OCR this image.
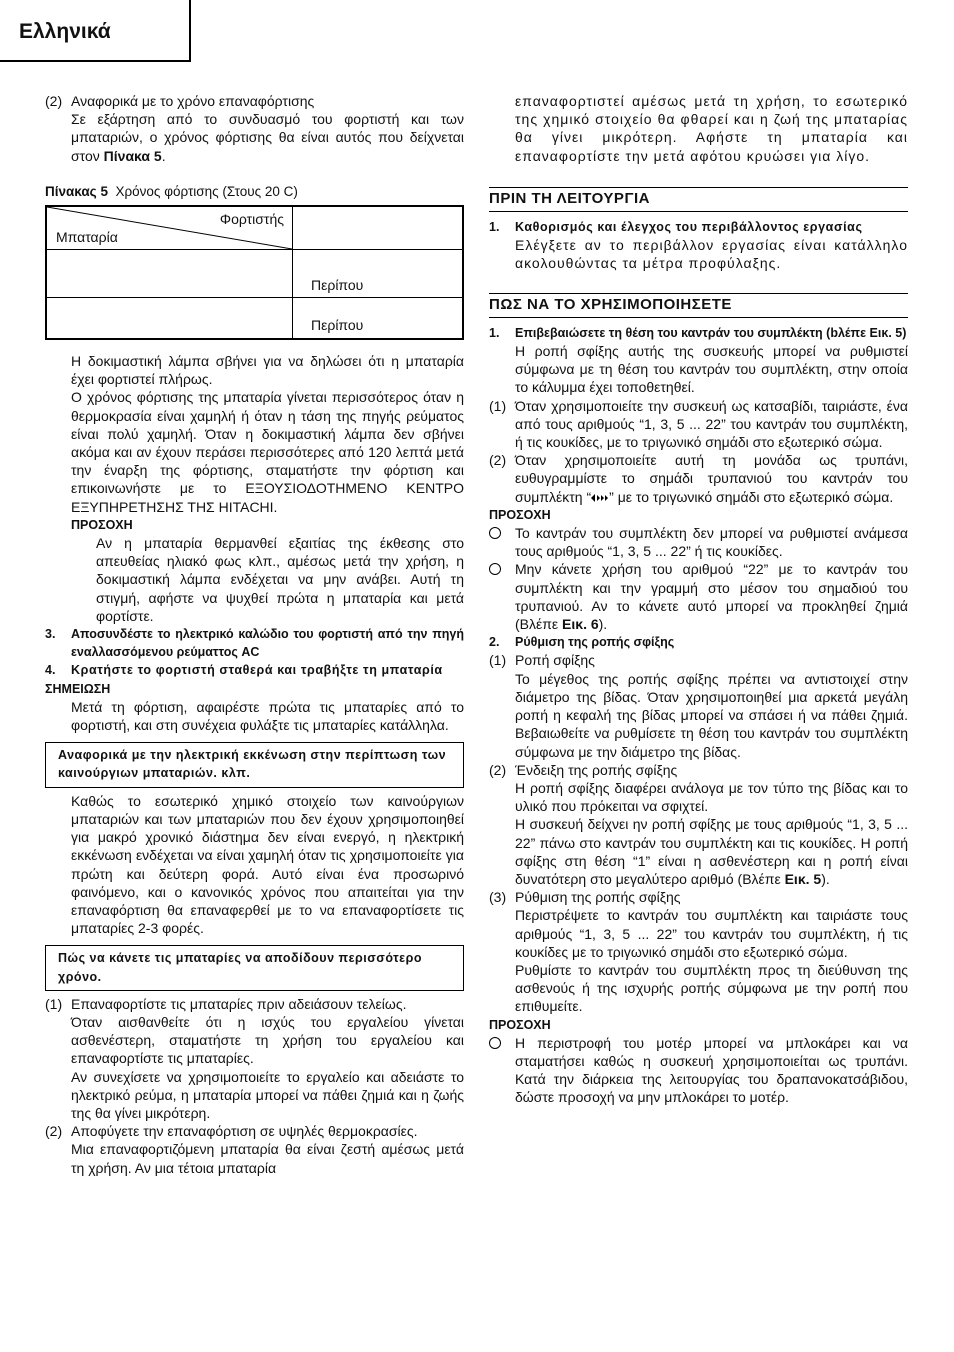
Ελληνικά
(2) Αναφορικά με το χρόνο επαναφόρτισης

Σε εξάρτηση από το συνδυασμό του φορτιστή και των μπαταριών, ο χρόνος φόρτισης θα είναι αυτός που δείχνεται στον Πίνακα 5.

Πίνακας 5 Χρόνος φόρτισης (Στους 20 C)

Φορτιστής
Μπαταρία	

	Περίπου
	Περίπου

Η δοκιμαστική λάμπα σβήνει για να δηλώσει ότι η μπαταρία έχει φορτιστεί πλήρως.

Ο χρόνος φόρτισης της μπαταρία γίνεται περισσότερος όταν η θερμοκρασία είναι χαμηλή ή όταν η τάση της πηγής ρεύματος είναι πολύ χαμηλή. Όταν η δοκιμαστική λάμπα δεν σβήνει ακόμα και αν έχουν περάσει περισσότερες από 120 λεπτά μετά την έναρξη της φόρτισης, σταματήστε την φόρτιση και επικοινωνήστε με το ΕΞΟΥΣΙΟΔΟΤΗΜΕΝΟ ΚΕΝΤΡΟ ΕΞΥΠΗΡΕΤΗΣΗΣ ΤΗΣ HITACHI.

ΠΡΟΣΟΧΗ

Αν η μπαταρία θερμανθεί εξαιτίας της έκθεσης στο απευθείας ηλιακό φως κλπ., αμέσως μετά την χρήση, η δοκιμαστική λάμπα ενδέχεται να μην ανάβει. Αυτή τη στιγμή, αφήστε να ψυχθεί πρώτα η μπαταρία και μετά φορτίστε.

3.	Αποσυνδέστε το ηλεκτρικό καλώδιο του φορτιστή από την πηγή εναλλασσόμενου ρεύματτος AC
4.	Κρατήστε το φορτιστή σταθερά και τραβήξτε τη μπαταρία

ΣΗΜΕΙΩΣΗ

Μετά τη φόρτιση, αφαιρέστε πρώτα τις μπαταρίες από το φορτιστή, και στη συνέχεια φυλάξτε τις μπαταρίες κατάλληλα.

Αναφορικά με την ηλεκτρική εκκένωση στην περίπτωση των καινούργιων μπαταριών. κλπ.

Καθώς το εσωτερικό χημικό στοιχείο των καινούργιων μπαταριών και των μπαταριών που δεν έχουν χρησιμοποιηθεί για μακρό χρονικό διάστημα δεν είναι ενεργό, η ηλεκτρική εκκένωση ενδέχεται να είναι χαμηλή όταν τις χρησιμοποιείτε για πρώτη και δεύτερη φορά. Αυτό είναι ένα προσωρινό φαινόμενο, και ο κανονικός χρόνος που απαιτείται για την επαναφόρτιση θα επαναφερθεί με το να επαναφορτίσετε τις μπαταρίες 2-3 φορές.

Πώς να κάνετε τις μπαταρίες να αποδίδουν περισσότερο χρόνο.
(1) Επαναφορτίστε τις μπαταρίες πριν αδειάσουν τελείως.

Όταν αισθανθείτε ότι η ισχύς του εργαλείου γίνεται ασθενέστερη, σταματήστε τη χρήση του εργαλείου και επαναφορτίστε τις μπαταρίες.

Αν συνεχίσετε να χρησιμοποιείτε το εργαλείο και αδειάστε το ηλεκτρικό ρεύμα, η μπαταρία μπορεί να πάθει ζημιά και η ζωής της θα γίνει μικρότερη.

(2) Αποφύγετε την επαναφόρτιση σε υψηλές θερμοκρασίες.

Μια επαναφορτιζόμενη μπαταρία θα είναι ζεστή αμέσως μετά τη χρήση. Αν μια τέτοια μπαταρία

επαναφορτιστεί αμέσως μετά τη χρήση, το εσωτερικό της χημικό στοιχείο θα φθαρεί και η ζωή της μπαταρίας θα γίνει μικρότερη. Αφήστε τη μπαταρία και επαναφορτίστε την μετά αφότου κρυώσει για λίγο.

ΠΡΙΝ ΤΗ ΛΕΙΤΟΥΡΓΙΑ
1.	Καθορισμός και έλεγχος του περιβάλλοντος εργασίας

Ελέγξετε αν το περιβάλλον εργασίας είναι κατάλληλο ακολουθώντας τα μέτρα προφύλαξης.

ΠΩΣ ΝΑ ΤΟ ΧΡΗΣΙΜΟΠΟΙΗΣΕΤΕ
1.	Επιβεβαιώσετε τη θέση του καντράν του συμπλέκτη (bλέπε Εικ. 5)

Η ροπή σφίξης αυτής της συσκευής μπορεί να ρυθμιστεί σύμφωνα με τη θέση του καντράν του συμπλέκτη, στην οποία το κάλυμμα έχει τοποθετηθεί.

(1) Όταν χρησιμοποιείτε την συσκευή ως κατσαβίδι, ταιριάστε, ένα από τους αριθμούς “1, 3, 5 ... 22” του καντράν του συμπλέκτη, ή τις κουκίδες, με το τριγωνικό σημάδι στο εξωτερικό σώμα.
(2) Όταν χρησιμοποιείτε αυτή τη μονάδα ως τρυπάνι, ευθυγραμμίστε το σημάδι τρυπανιού του καντράν του συμπλέκτη “ ” με το τριγωνικό σημάδι στο εξωτερικό σώμα.

ΠΡΟΣΟΧΗ

Το καντράν του συμπλέκτη δεν μπορεί να ρυθμιστεί ανάμεσα τους αριθμούς “1, 3, 5 ... 22” ή τις κουκίδες.
Μην κάνετε χρήση του αριθμού “22” με το καντράν του συμπλέκτη και την γραμμή στο μέσον του σημαδιού του τρυπανιού. Αν το κάνετε αυτό μπορεί να προκληθεί ζημιά (Βλέπε Εικ. 6).
2.	Ρύθμιση της ροπής σφίξης
(1) Ροπή σφίξης

Το μέγεθος της ροπής σφίξης πρέπει να αντιστοιχεί στην διάμετρο της βίδας. Όταν χρησιμοποιηθεί μια αρκετά μεγάλη ροπή η κεφαλή της βίδας μπορεί να σπάσει ή να πάθει ζημιά. Βεβαιωθείτε να ρυθμίσετε τη θέση του καντράν του συμπλέκτη σύμφωνα με την διάμετρο της βίδας.

(2) Ένδειξη της ροπής σφίξης

Η ροπή σφίξης διαφέρει ανάλογα με τον τύπο της βίδας και το υλικό που πρόκειται να σφιχτεί.

Η συσκευή δείχνει ην ροπή σφίξης με τους αριθμούς “1, 3, 5 ... 22” πάνω στο καντράν του συμπλέκτη και τις κουκίδες. Η ροπή σφίξης στη θέση “1” είναι η ασθενέστερη και η ροπή είναι δυνατότερη στο μεγαλύτερο αριθμό (Βλέπε Εικ. 5).

(3) Ρύθμιση της ροπής σφίξης

Περιστρέψετε το καντράν του συμπλέκτη και ταιριάστε τους αριθμούς “1, 3, 5 ... 22” του καντράν του συμπλέκτη, ή τις κουκίδες με το τριγωνικό σημάδι στο εξωτερικό σώμα.

Ρυθμίστε το καντράν του συμπλέκτη προς τη διεύθυνση της ασθενούς ή της ισχυρής ροπής σύμφωνα με την ροπή που επιθυμείτε.

ΠΡΟΣΟΧΗ

Η περιστροφή του μοτέρ μπορεί να μπλοκάρει και να σταματήσει καθώς η συσκευή χρησιμοποιείται ως τρυπάνι. Κατά την διάρκεια της λειτουργίας του δραπανοκατσάβιδου, δώστε προσοχή να μην μπλοκάρει το μοτέρ.
